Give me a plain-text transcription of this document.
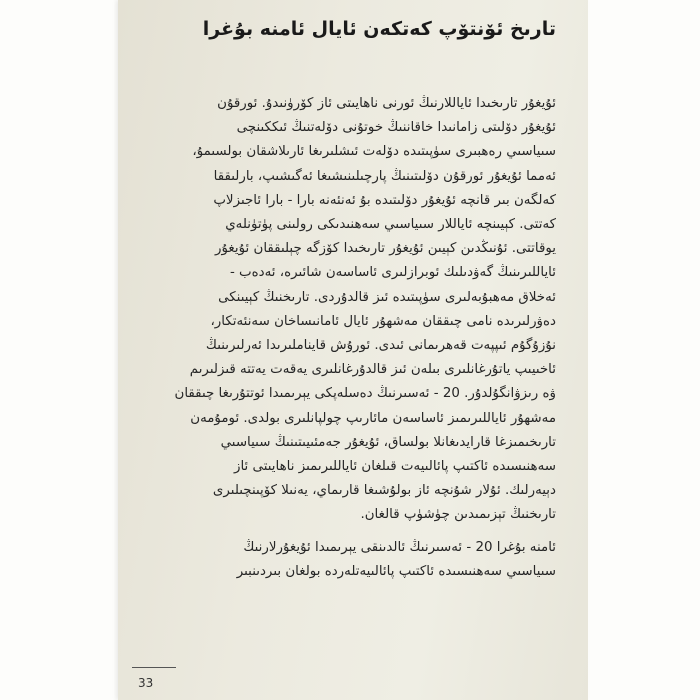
تارىخ ئۆنتۆپ كەتكەن ئايال ئامنە بۇغرا
ئۇيغۇر تارىخىدا ئاياللارنىڭ ئورنى ناھايىتى ئاز كۆرۈنىدۇ. ئورقۇن
ئۇيغۇر دۆلىتى زامانىدا خاقاننىڭ خوتۇنى دۆلەتنىڭ ئىككىنچى
سىياسىي رەھبىرى سۈپىتىدە دۆلەت ئىشلىرىغا ئارىلاشقان بولسىمۇ،
ئەمما ئۇيغۇر ئورقۇن دۆلىتىنىڭ پارچىلىنىشىغا ئەگىشىپ، بارلىققا
كەلگەن بىر قانچە ئۇيغۇر دۆلىتىدە بۇ ئەنئەنە بارا - بارا ئاجىزلاپ
كەتتى. كېيىنچە ئاياللار سىياسىي سەھنىدىكى رولىنى پۈتۈنلەي
يوقاتتى. ئۇنىڭدىن كېيىن ئۇيغۇر تارىخىدا كۆزگە چېلىققان ئۇيغۇر
ئاياللىرىنىڭ گەۋدىلىك ئوبرازلىرى ئاساسەن شائىرە، ئەدەب -
ئەخلاق مەھبۇبەلىرى سۈپىتىدە ئىز قالدۇردى. تارىخنىڭ كېيىنكى
دەۋرلىرىدە نامى چىققان مەشھۇر ئايال ئامانىساخان سەنئەتكار،
نۇزۇگۇم ئىپپەت قەھرىمانى ئىدى. ئورۇش قايناملىرىدا ئەرلىرىنىڭ
ئاخىيىپ ياتۇرغانلىرى بىلەن ئىز قالدۇرغانلىرى يەقەت يەتتە قىزلىرىم
ۋە رىزۋانگۇلدۇر. 20 - ئەسىرنىڭ دەسلەپكى يېرىمىدا ئوتتۇرىغا چىققان
مەشھۇر ئاياللىرىمىز ئاساسەن مائارىپ چولپانلىرى بولدى. ئومۇمەن
تارىخىمىزغا قارايدىغانلا بولساق، ئۇيغۇر جەمئىيىتىنىڭ سىياسىي
سەھنىسىدە ئاكتىپ پائالىيەت قىلغان ئاياللىرىمىز ناھايىتى ئاز
دېيەرلىك. ئۇلار شۇنچە ئاز بولۇشىغا قارىماي، يەنىلا كۆپىنچىلىرى
تارىخنىڭ تېزىمىدىن چۈشۈپ قالغان.
ئامنە بۇغرا 20 - ئەسىرنىڭ ئالدىنقى يېرىمىدا ئۇيغۇرلارنىڭ
سىياسىي سەھنىسىدە ئاكتىپ پائالىيەتلەردە بولغان بىردىنبىر
33
